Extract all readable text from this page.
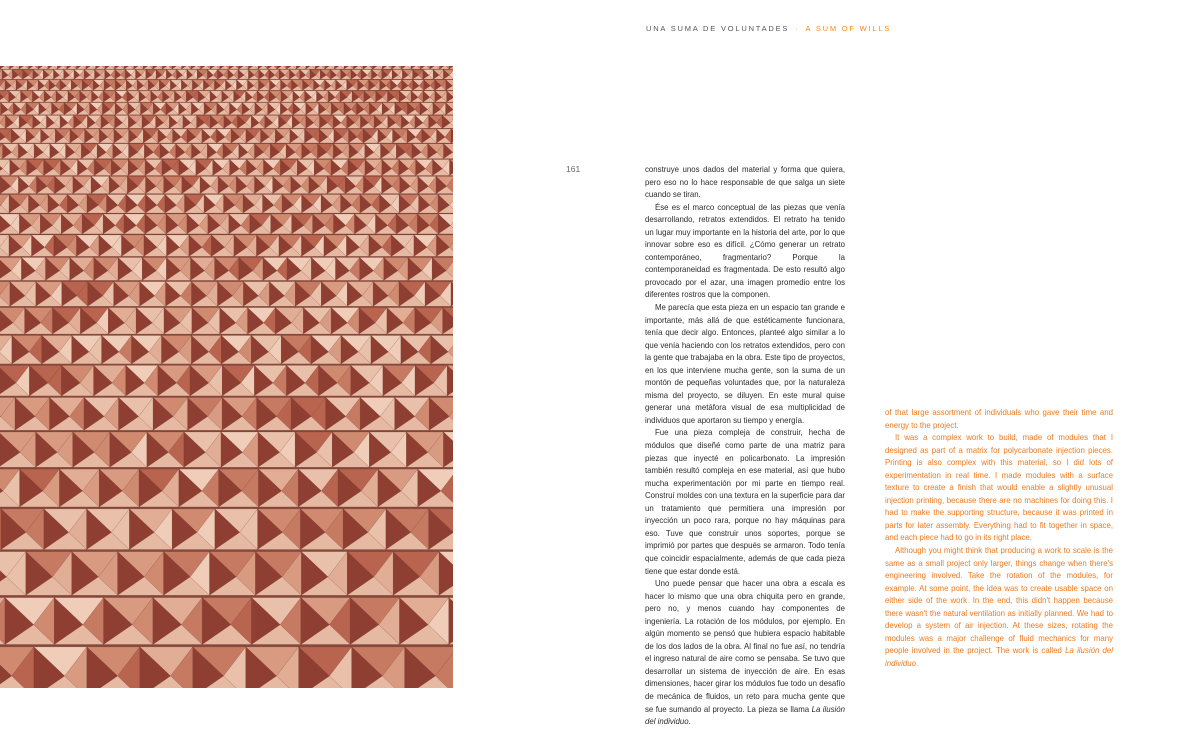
UNA SUMA DE VOLUNTADES · A SUM OF WILLS
161	construye unos dados del material y forma que quiera, pero eso no lo hace responsable de que salga un siete cuando se tiran.

Ése es el marco conceptual de las piezas que venía desarrollando, retratos extendidos. El retrato ha tenido un lugar muy importante en la historia del arte, por lo que innovar sobre eso es difícil. ¿Cómo generar un retrato contemporáneo, fragmentario? Porque la contemporaneidad es fragmentada. De esto resultó algo provocado por el azar, una imagen promedio entre los diferentes rostros que la componen.

Me parecía que esta pieza en un espacio tan grande e importante, más allá de que estéticamente funcionara, tenía que decir algo. Entonces, planteé algo similar a lo que venía haciendo con los retratos extendidos, pero con la gente que trabajaba en la obra. Este tipo de proyectos, en los que interviene mucha gente, son la suma de un montón de pequeñas voluntades que, por la naturaleza misma del proyecto, se diluyen. En este mural quise generar una metáfora visual de esa multiplicidad de individuos que aportaron su tiempo y energía.

Fue una pieza compleja de construir, hecha de módulos que diseñé como parte de una matriz para piezas que inyecté en policarbonato. La impresión también resultó compleja en ese material, así que hubo mucha experimentación por mi parte en tiempo real. Construí moldes con una textura en la superficie para dar un tratamiento que permitiera una impresión por inyección un poco rara, porque no hay máquinas para eso. Tuve que construir unos soportes, porque se imprimió por partes que después se armaron. Todo tenía que coincidir espacialmente, además de que cada pieza tiene que estar donde está.

Uno puede pensar que hacer una obra a escala es hacer lo mismo que una obra chiquita pero en grande, pero no, y menos cuando hay componentes de ingeniería. La rotación de los módulos, por ejemplo. En algún momento se pensó que hubiera espacio habitable de los dos lados de la obra. Al final no fue así, no tendría el ingreso natural de aire como se pensaba. Se tuvo que desarrollar un sistema de inyección de aire. En esas dimensiones, hacer girar los módulos fue todo un desafío de mecánica de fluidos, un reto para mucha gente que se fue sumando al proyecto. La pieza se llama La ilusión del individuo.

of that large assortment of individuals who gave their time and energy to the project.

It was a complex work to build, made of modules that I designed as part of a matrix for polycarbonate injection pieces. Printing is also complex with this material, so I did lots of experimentation in real time. I made modules with a surface texture to create a finish that would enable a slightly unusual injection printing, because there are no machines for doing this. I had to make the supporting structure, because it was printed in parts for later assembly. Everything had to fit together in space, and each piece had to go in its right place.

Although you might think that producing a work to scale is the same as a small project only larger, things change when there's engineering involved. Take the rotation of the modules, for example. At some point, the idea was to create usable space on either side of the work. In the end, this didn't happen because there wasn't the natural ventilation as initially planned. We had to develop a system of air injection. At these sizes, rotating the modules was a major challenge of fluid mechanics for many people involved in the project. The work is called La ilusión del individuo.
